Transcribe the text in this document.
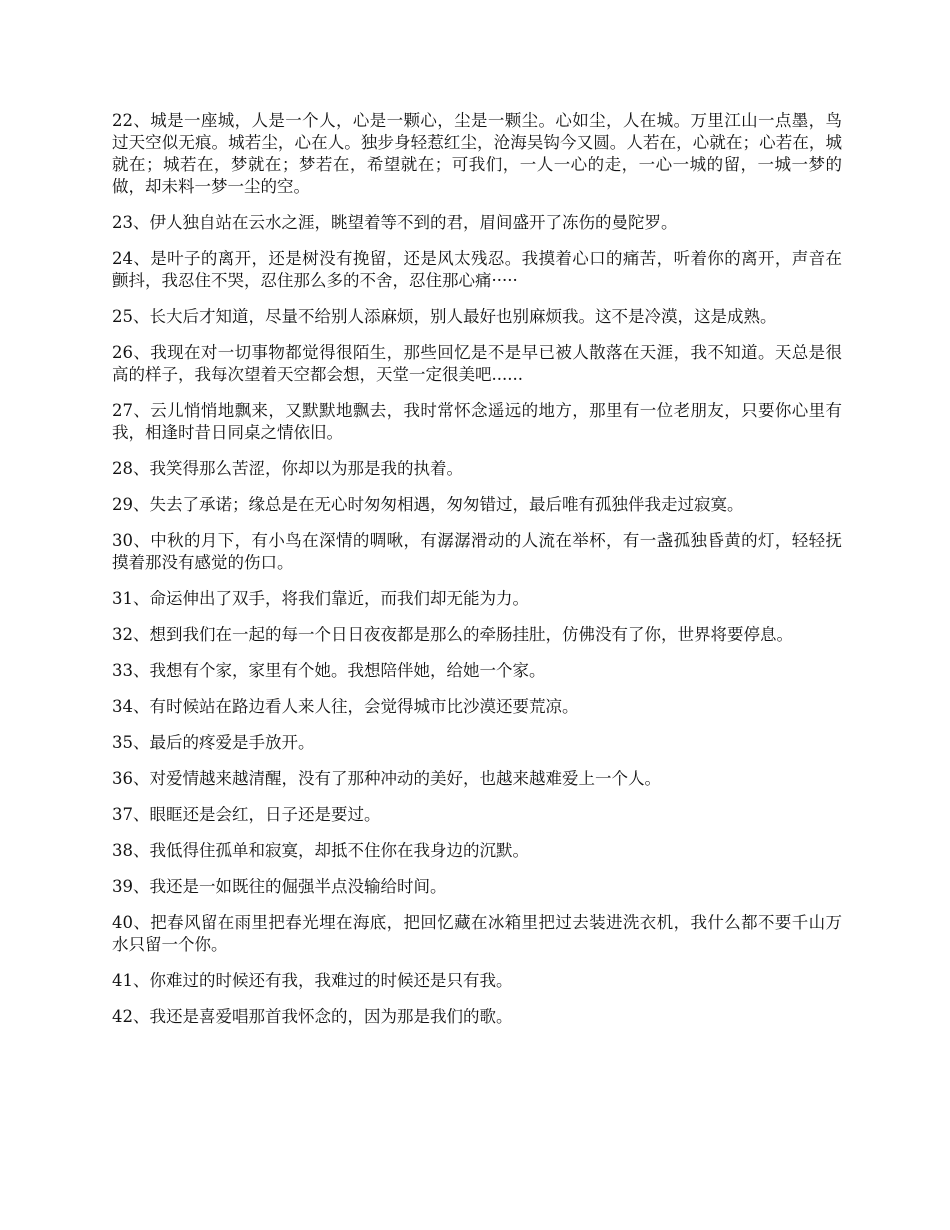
22、城是一座城，人是一个人，心是一颗心，尘是一颗尘。心如尘，人在城。万里江山一点墨，鸟过天空似无痕。城若尘，心在人。独步身轻惹红尘，沧海吴钩今又圆。人若在，心就在；心若在，城就在；城若在，梦就在；梦若在，希望就在；可我们，一人一心的走，一心一城的留，一城一梦的做，却未料一梦一尘的空。

23、伊人独自站在云水之涯，眺望着等不到的君，眉间盛开了冻伤的曼陀罗。

24、是叶子的离开，还是树没有挽留，还是风太残忍。我摸着心口的痛苦，听着你的离开，声音在颤抖，我忍住不哭，忍住那么多的不舍，忍住那心痛·····

25、长大后才知道，尽量不给别人添麻烦，别人最好也别麻烦我。这不是冷漠，这是成熟。

26、我现在对一切事物都觉得很陌生，那些回忆是不是早已被人散落在天涯，我不知道。天总是很高的样子，我每次望着天空都会想，天堂一定很美吧......

27、云儿悄悄地飘来，又默默地飘去，我时常怀念遥远的地方，那里有一位老朋友，只要你心里有我，相逢时昔日同桌之情依旧。

28、我笑得那么苦涩，你却以为那是我的执着。

29、失去了承诺；缘总是在无心时匆匆相遇，匆匆错过，最后唯有孤独伴我走过寂寞。

30、中秋的月下，有小鸟在深情的啁啾，有潺潺滑动的人流在举杯，有一盏孤独昏黄的灯，轻轻抚摸着那没有感觉的伤口。

31、命运伸出了双手，将我们靠近，而我们却无能为力。

32、想到我们在一起的每一个日日夜夜都是那么的牵肠挂肚，仿佛没有了你，世界将要停息。

33、我想有个家，家里有个她。我想陪伴她，给她一个家。

34、有时候站在路边看人来人往，会觉得城市比沙漠还要荒凉。

35、最后的疼爱是手放开。

36、对爱情越来越清醒，没有了那种冲动的美好，也越来越难爱上一个人。

37、眼眶还是会红，日子还是要过。

38、我低得住孤单和寂寞，却抵不住你在我身边的沉默。

39、我还是一如既往的倔强半点没输给时间。

40、把春风留在雨里把春光埋在海底，把回忆藏在冰箱里把过去装进洗衣机，我什么都不要千山万水只留一个你。

41、你难过的时候还有我，我难过的时候还是只有我。

42、我还是喜爱唱那首我怀念的，因为那是我们的歌。
